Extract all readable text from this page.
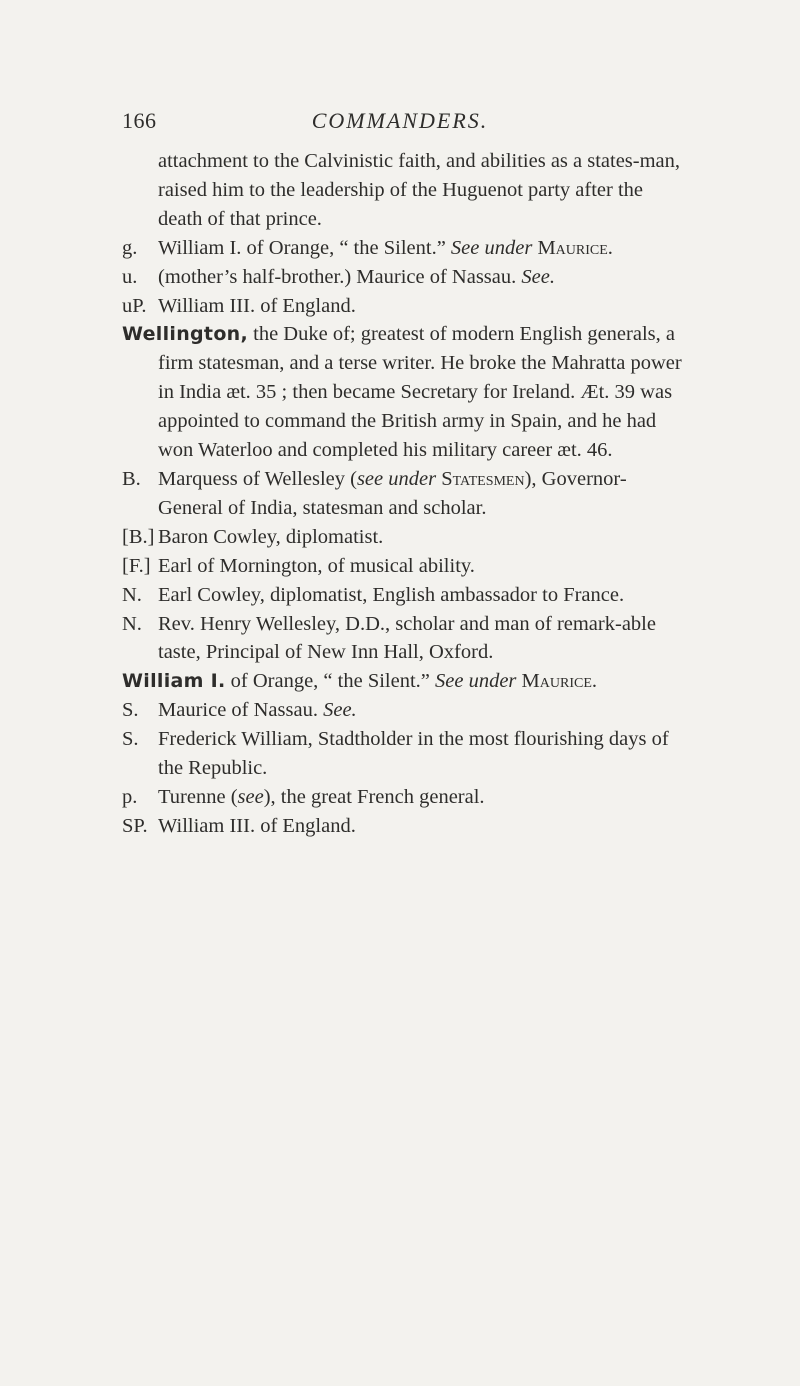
166	COMMANDERS.

attachment to the Calvinistic faith, and abilities as a states-man, raised him to the leadership of the Huguenot party after the death of that prince.

g. William I. of Orange, “ the Silent.” See under Maurice.

u. (mother’s half-brother.) Maurice of Nassau. See.

uP. William III. of England.

Wellington, the Duke of; greatest of modern English generals, a firm statesman, and a terse writer. He broke the Mahratta power in India æt. 35 ; then became Secretary for Ireland. Æt. 39 was appointed to command the British army in Spain, and he had won Waterloo and completed his military career æt. 46.

B. Marquess of Wellesley (see under Statesmen), Governor-General of India, statesman and scholar.

[B.] Baron Cowley, diplomatist.

[F.] Earl of Mornington, of musical ability.

N. Earl Cowley, diplomatist, English ambassador to France.

N. Rev. Henry Wellesley, D.D., scholar and man of remark-able taste, Principal of New Inn Hall, Oxford.

William I. of Orange, “ the Silent.” See under Maurice.

S. Maurice of Nassau. See.

S. Frederick William, Stadtholder in the most flourishing days of the Republic.

p. Turenne (see), the great French general.

SP. William III. of England.
